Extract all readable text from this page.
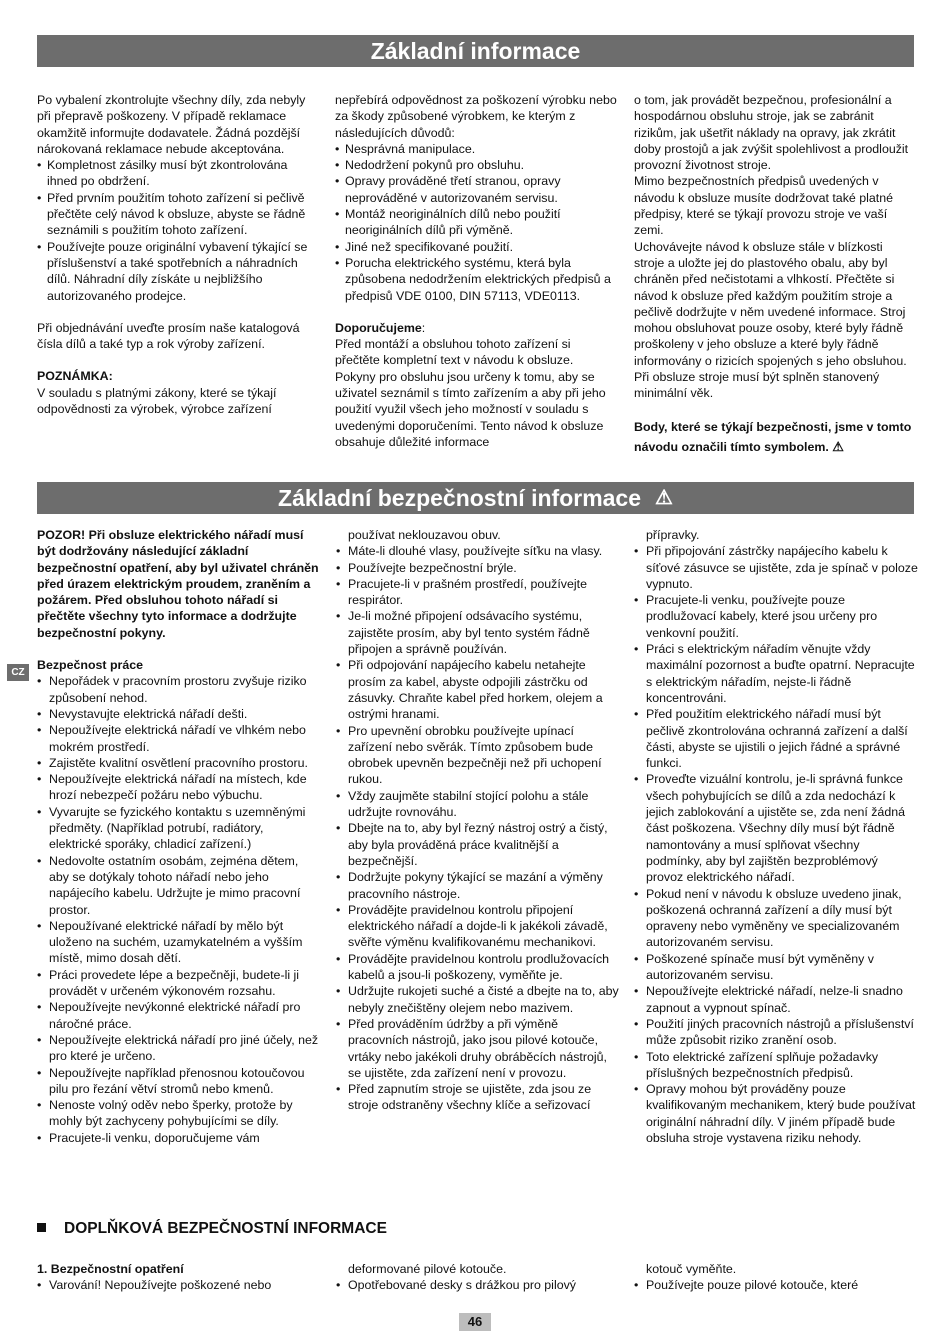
Základní informace

Po vybalení zkontrolujte všechny díly, zda nebyly při přepravě poškozeny. V případě reklamace okamžitě informujte dodavatele. Žádná pozdější nárokovaná reklamace nebude akceptována.

• Kompletnost zásilky musí být zkontrolována ihned po obdržení.
• Před prvním použitím tohoto zařízení si pečlivě přečtěte celý návod k obsluze, abyste se řádně seznámili s použitím tohoto zařízení.
• Používejte pouze originální vybavení týkající se příslušenství a také spotřebních a náhradních dílů. Náhradní díly získáte u nejbližšího autorizovaného prodejce.

Při objednávání uveďte prosím naše katalogová čísla dílů a také typ a rok výroby zařízení.

POZNÁMKA:

V souladu s platnými zákony, které se týkají odpovědnosti za výrobek, výrobce zařízení

nepřebírá odpovědnost za poškození výrobku nebo za škody způsobené výrobkem, ke kterým z následujících důvodů:

• Nesprávná manipulace.
• Nedodržení pokynů pro obsluhu.
• Opravy prováděné třetí stranou, opravy neprováděné v autorizovaném servisu.
• Montáž neoriginálních dílů nebo použití neoriginálních dílů při výměně.
• Jiné než specifikované použití.
• Porucha elektrického systému, která byla způsobena nedodržením elektrických předpisů a předpisů VDE 0100, DIN 57113, VDE0113.

Doporučujeme:

Před montáží a obsluhou tohoto zařízení si přečtěte kompletní text v návodu k obsluze. Pokyny pro obsluhu jsou určeny k tomu, aby se uživatel seznámil s tímto zařízením a aby při jeho použití využil všech jeho možností v souladu s uvedenými doporučeními. Tento návod k obsluze obsahuje důležité informace

o tom, jak provádět bezpečnou, profesionální a hospodárnou obsluhu stroje, jak se zabránit rizikům, jak ušetřit náklady na opravy, jak zkrátit doby prostojů a jak zvýšit spolehlivost a prodloužit provozní životnost stroje.

Mimo bezpečnostních předpisů uvedených v návodu k obsluze musíte dodržovat také platné předpisy, které se týkají provozu stroje ve vaší zemi.

Uchovávejte návod k obsluze stále v blízkosti stroje a uložte jej do plastového obalu, aby byl chráněn před nečistotami a vlhkostí. Přečtěte si návod k obsluze před každým použitím stroje a pečlivě dodržujte v něm uvedené informace. Stroj mohou obsluhovat pouze osoby, které byly řádně proškoleny v jeho obsluze a které byly řádně informovány o rizicích spojených s jeho obsluhou. Při obsluze stroje musí být splněn stanovený minimální věk.

Body, které se týkají bezpečnosti, jsme v tomto návodu označili tímto symbolem. ⚠

Základní bezpečnostní informace ⚠
CZ

POZOR! Při obsluze elektrického nářadí musí být dodržovány následující základní bezpečnostní opatření, aby byl uživatel chráněn před úrazem elektrickým proudem, zraněním a požárem. Před obsluhou tohoto nářadí si přečtěte všechny tyto informace a dodržujte bezpečnostní pokyny.

Bezpečnost práce

• Nepořádek v pracovním prostoru zvyšuje riziko způsobení nehod.
• Nevystavujte elektrická nářadí dešti.
• Nepoužívejte elektrická nářadí ve vlhkém nebo mokrém prostředí.
• Zajistěte kvalitní osvětlení pracovního prostoru.
• Nepoužívejte elektrická nářadí na místech, kde hrozí nebezpečí požáru nebo výbuchu.
• Vyvarujte se fyzického kontaktu s uzemněnými předměty. (Například potrubí, radiátory, elektrické sporáky, chladicí zařízení.)
• Nedovolte ostatním osobám, zejména dětem, aby se dotýkaly tohoto nářadí nebo jeho napájecího kabelu. Udržujte je mimo pracovní prostor.
• Nepoužívané elektrické nářadí by mělo být uloženo na suchém, uzamykatelném a vyšším místě, mimo dosah dětí.
• Práci provedete lépe a bezpečněji, budete-li ji provádět v určeném výkonovém rozsahu.
• Nepoužívejte nevýkonné elektrické nářadí pro náročné práce.
• Nepoužívejte elektrická nářadí pro jiné účely, než pro které je určeno.
• Nepoužívejte například přenosnou kotoučovou pilu pro řezání větví stromů nebo kmenů.
• Nenoste volný oděv nebo šperky, protože by mohly být zachyceny pohybujícími se díly.
• Pracujete-li venku, doporučujeme vám

používat neklouzavou obuv.

• Máte-li dlouhé vlasy, používejte síťku na vlasy.
• Používejte bezpečnostní brýle.
• Pracujete-li v prašném prostředí, používejte respirátor.
• Je-li možné připojení odsávacího systému, zajistěte prosím, aby byl tento systém řádně připojen a správně používán.
• Při odpojování napájecího kabelu netahejte prosím za kabel, abyste odpojili zástrčku od zásuvky. Chraňte kabel před horkem, olejem a ostrými hranami.
• Pro upevnění obrobku používejte upínací zařízení nebo svěrák. Tímto způsobem bude obrobek upevněn bezpečněji než při uchopení rukou.
• Vždy zaujměte stabilní stojící polohu a stále udržujte rovnováhu.
• Dbejte na to, aby byl řezný nástroj ostrý a čistý, aby byla prováděná práce kvalitnější a bezpečnější.
• Dodržujte pokyny týkající se mazání a výměny pracovního nástroje.
• Provádějte pravidelnou kontrolu připojení elektrického nářadí a dojde-li k jakékoli závadě, svěřte výměnu kvalifikovanému mechanikovi.
• Provádějte pravidelnou kontrolu prodlužovacích kabelů a jsou-li poškozeny, vyměňte je.
• Udržujte rukojeti suché a čisté a dbejte na to, aby nebyly znečištěny olejem nebo mazivem.
• Před prováděním údržby a při výměně pracovních nástrojů, jako jsou pilové kotouče, vrtáky nebo jakékoli druhy obráběcích nástrojů, se ujistěte, zda zařízení není v provozu.
• Před zapnutím stroje se ujistěte, zda jsou ze stroje odstraněny všechny klíče a seřizovací

přípravky.

• Při připojování zástrčky napájecího kabelu k síťové zásuvce se ujistěte, zda je spínač v poloze vypnuto.
• Pracujete-li venku, používejte pouze prodlužovací kabely, které jsou určeny pro venkovní použití.
• Práci s elektrickým nářadím věnujte vždy maximální pozornost a buďte opatrní. Nepracujte s elektrickým nářadím, nejste-li řádně koncentrováni.
• Před použitím elektrického nářadí musí být pečlivě zkontrolována ochranná zařízení a další části, abyste se ujistili o jejich řádné a správné funkci.
• Proveďte vizuální kontrolu, je-li správná funkce všech pohybujících se dílů a zda nedochází k jejich zablokování a ujistěte se, zda není žádná část poškozena. Všechny díly musí být řádně namontovány a musí splňovat všechny podmínky, aby byl zajištěn bezproblémový provoz elektrického nářadí.
• Pokud není v návodu k obsluze uvedeno jinak, poškozená ochranná zařízení a díly musí být opraveny nebo vyměněny ve specializovaném autorizovaném servisu.
• Poškozené spínače musí být vyměněny v autorizovaném servisu.
• Nepoužívejte elektrické nářadí, nelze-li snadno zapnout a vypnout spínač.
• Použití jiných pracovních nástrojů a příslušenství může způsobit riziko zranění osob.
• Toto elektrické zařízení splňuje požadavky příslušných bezpečnostních předpisů.
• Opravy mohou být prováděny pouze kvalifikovaným mechanikem, který bude používat originální náhradní díly. V jiném případě bude obsluha stroje vystavena riziku nehody.
DOPLŇKOVÁ BEZPEČNOSTNÍ INFORMACE

1. Bezpečnostní opatření

• Varování! Nepoužívejte poškozené nebo

deformované pilové kotouče.

• Opotřebované desky s drážkou pro pilový

kotouč vyměňte.

• Používejte pouze pilové kotouče, které
46
